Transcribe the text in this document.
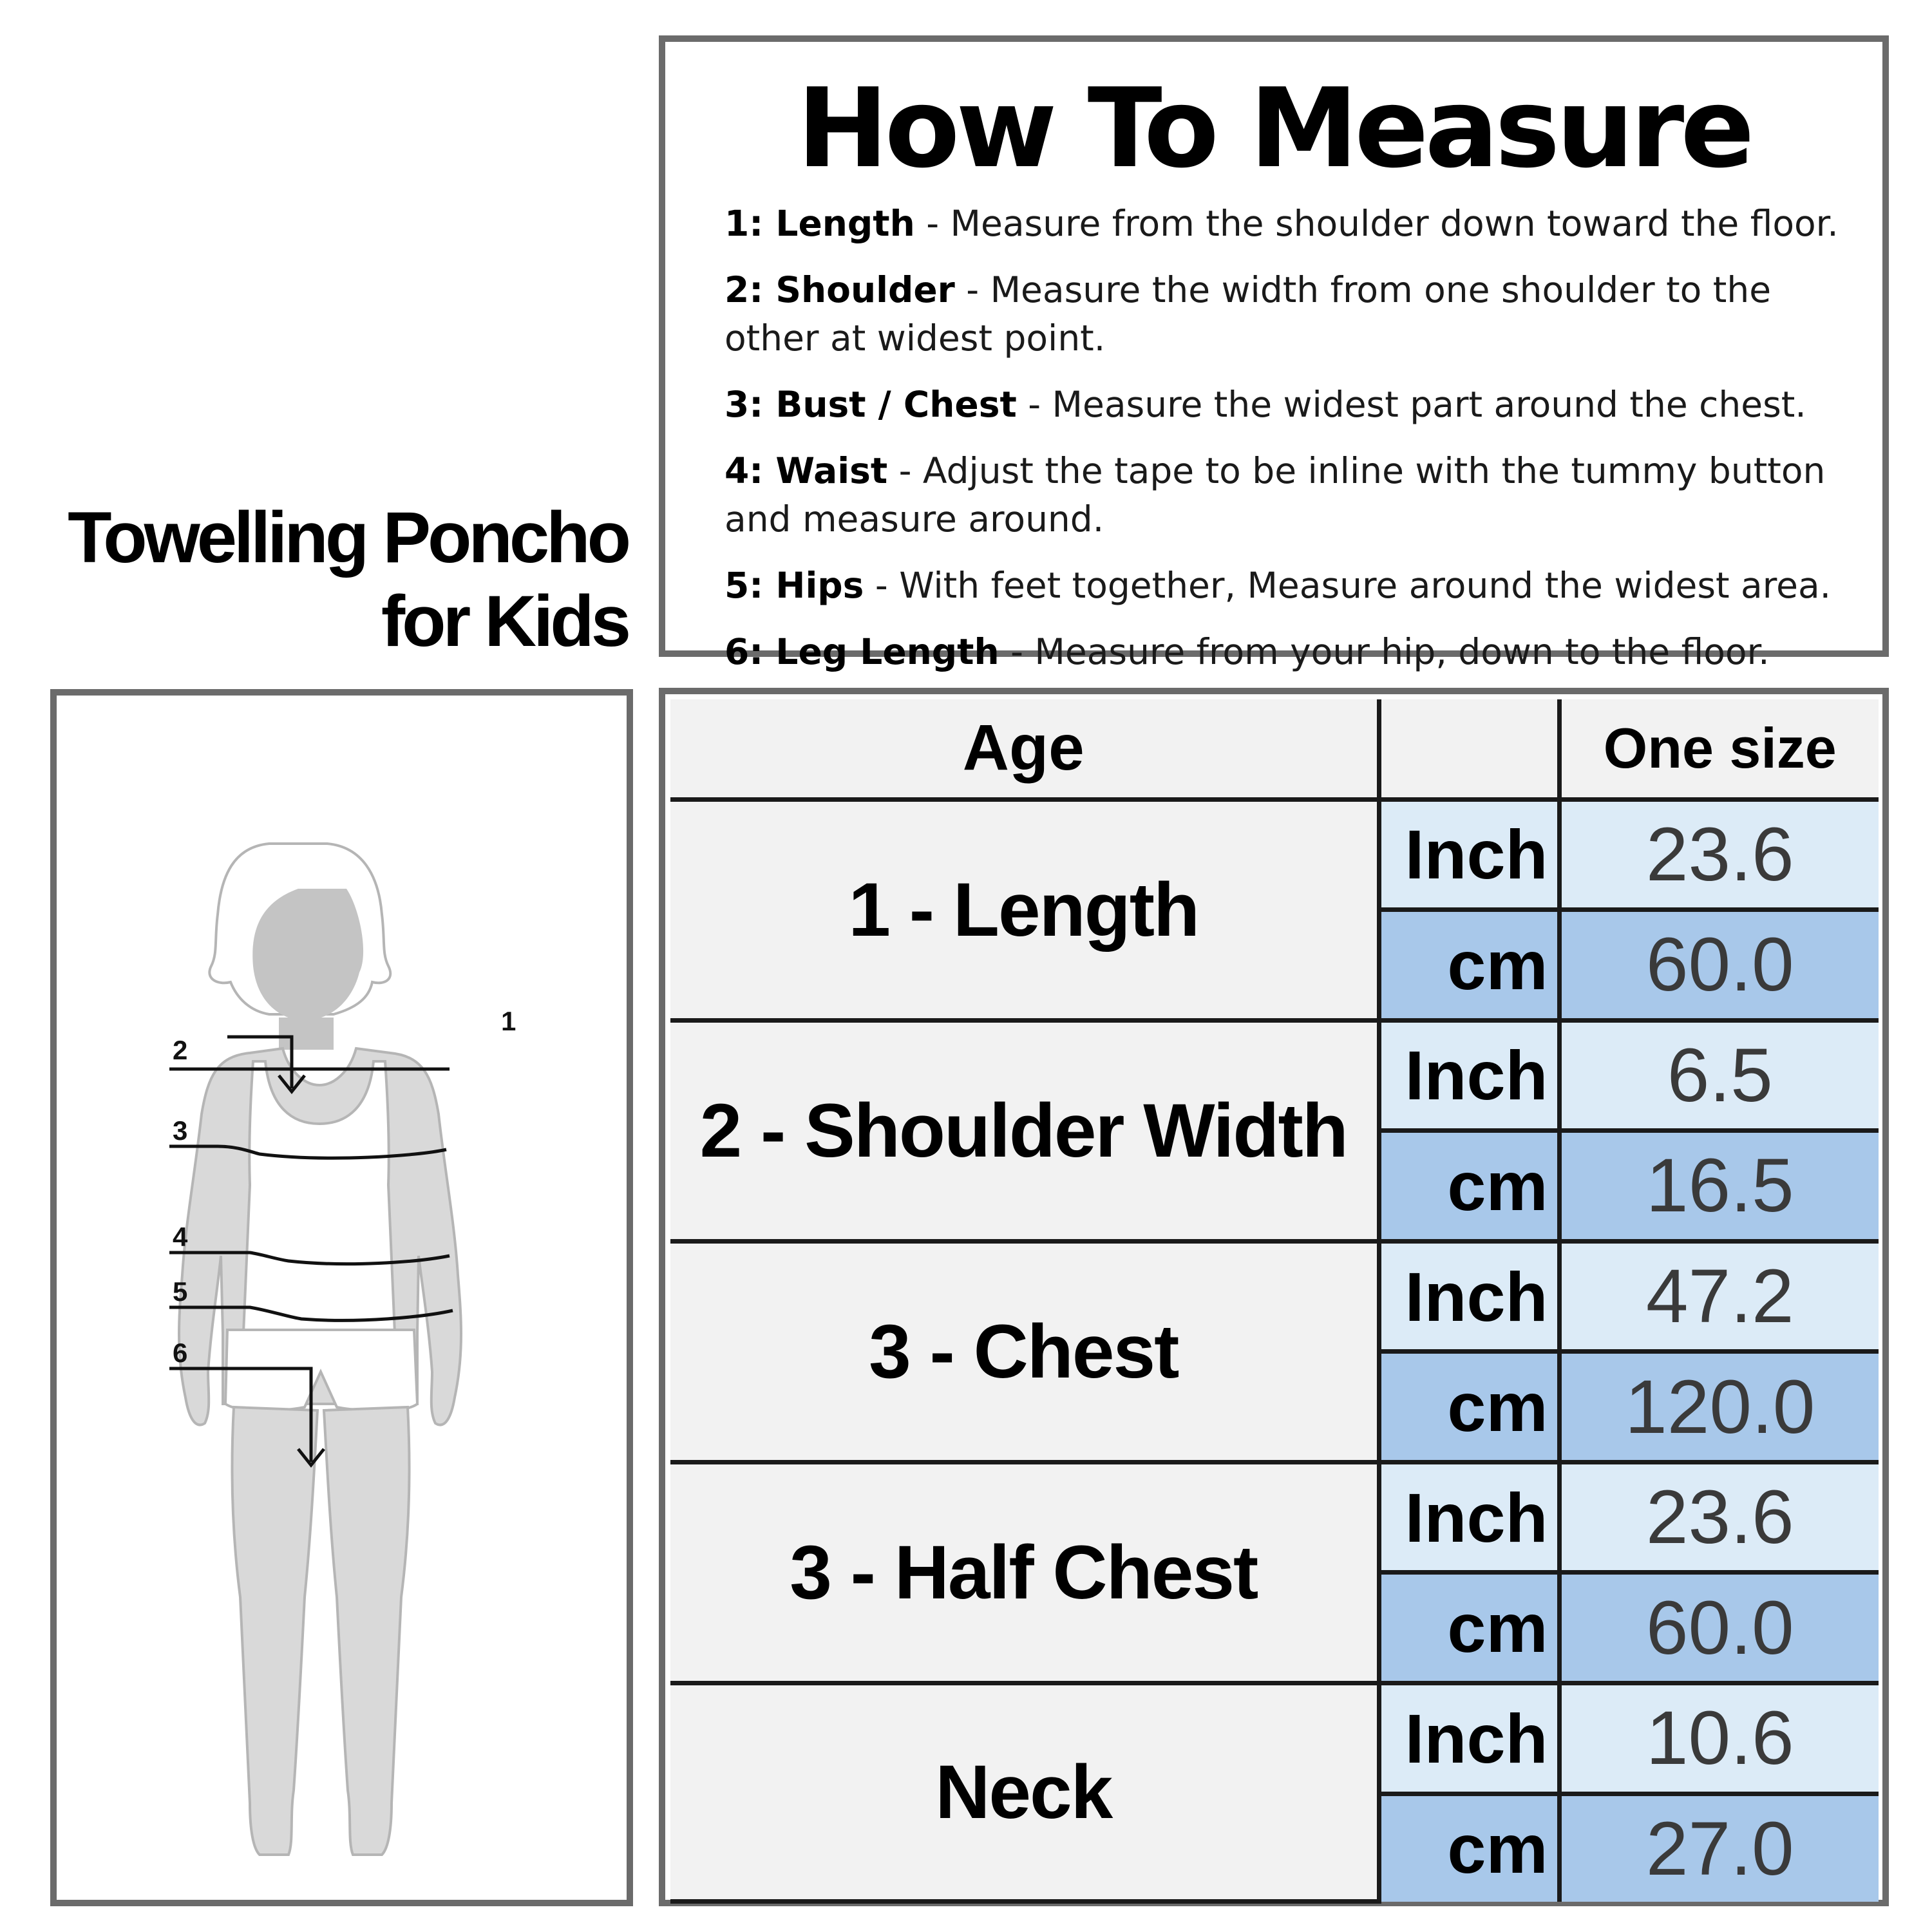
Towelling Poncho
for Kids
How To Measure
1: Length - Measure from the shoulder down toward the floor.
2: Shoulder - Measure the width from one shoulder to the other at widest point.
3: Bust / Chest - Measure the widest part around the chest.
4: Waist - Adjust the tape to be inline with the tummy button and measure around.
5: Hips - With feet together, Measure around the widest area.
6: Leg Length - Measure from your hip, down to the floor.
1
2
3
4
5
6
Age		One size
1 - Length	Inch	23.6
	cm	60.0
2 - Shoulder Width	Inch	6.5
	cm	16.5
3 - Chest	Inch	47.2
	cm	120.0
3 - Half Chest	Inch	23.6
	cm	60.0
Neck	Inch	10.6
	cm	27.0
